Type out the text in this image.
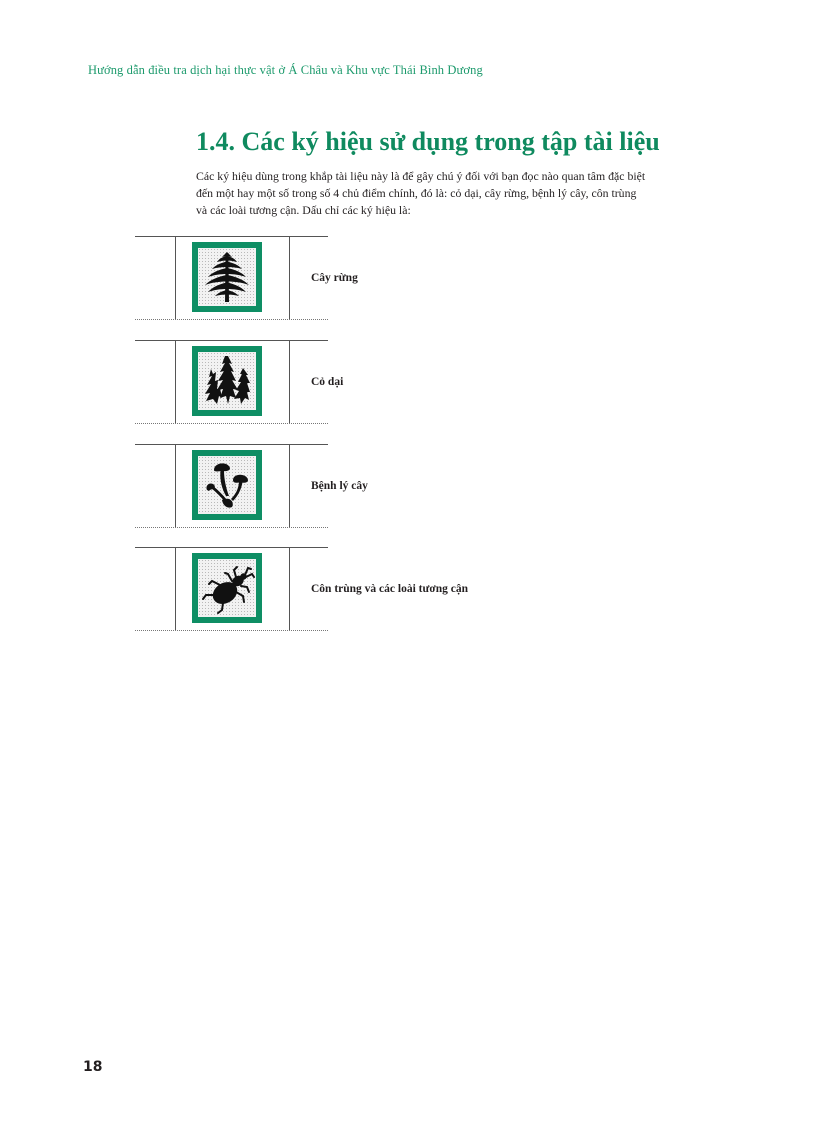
Hướng dẫn điều tra dịch hại thực vật ở Á Châu và Khu vực Thái Bình Dương
1.4. Các ký hiệu sử dụng trong tập tài liệu

Các ký hiệu dùng trong khắp tài liệu này là để gây chú ý đối với bạn đọc nào quan tâm đặc biệt
đến một hay một số trong số 4 chủ điểm chính, đó là: cỏ dại, cây rừng, bệnh lý cây, côn trùng
và các loài tương cận. Dấu chỉ các ký hiệu là:

Cây rừng
Cỏ dại
Bệnh lý cây
Côn trùng và các loài tương cận
18
